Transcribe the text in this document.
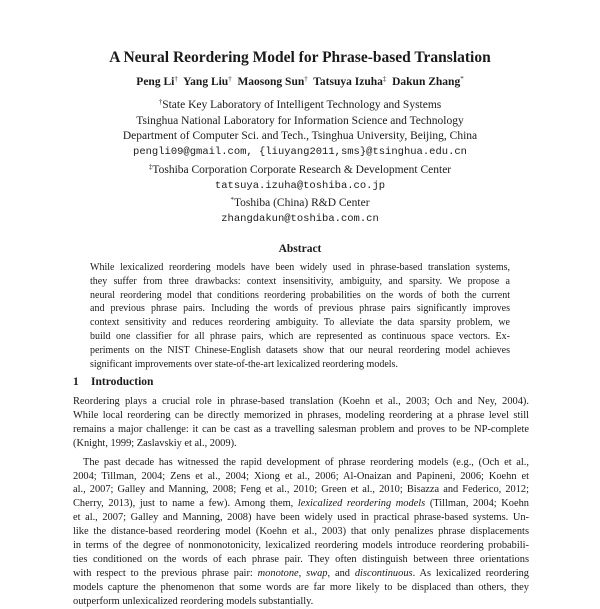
A Neural Reordering Model for Phrase-based Translation
Peng Li† Yang Liu† Maosong Sun† Tatsuya Izuha‡ Dakun Zhang*
†State Key Laboratory of Intelligent Technology and Systems
Tsinghua National Laboratory for Information Science and Technology
Department of Computer Sci. and Tech., Tsinghua University, Beijing, China
pengli09@gmail.com, {liuyang2011,sms}@tsinghua.edu.cn
‡Toshiba Corporation Corporate Research & Development Center
tatsuya.izuha@toshiba.co.jp
*Toshiba (China) R&D Center
zhangdakun@toshiba.com.cn
Abstract
While lexicalized reordering models have been widely used in phrase-based translation systems,
they suffer from three drawbacks: context insensitivity, ambiguity, and sparsity. We propose a
neural reordering model that conditions reordering probabilities on the words of both the current
and previous phrase pairs. Including the words of previous phrase pairs significantly improves
context sensitivity and reduces reordering ambiguity. To alleviate the data sparsity problem, we
build one classifier for all phrase pairs, which are represented as continuous space vectors. Ex-
periments on the NIST Chinese-English datasets show that our neural reordering model achieves
significant improvements over state-of-the-art lexicalized reordering models.
1 Introduction
Reordering plays a crucial role in phrase-based translation (Koehn et al., 2003; Och and Ney, 2004).
While local reordering can be directly memorized in phrases, modeling reordering at a phrase level still
remains a major challenge: it can be cast as a travelling salesman problem and proves to be NP-complete
(Knight, 1999; Zaslavskiy et al., 2009).
The past decade has witnessed the rapid development of phrase reordering models (e.g., (Och et al.,
2004; Tillman, 2004; Zens et al., 2004; Xiong et al., 2006; Al-Onaizan and Papineni, 2006; Koehn et
al., 2007; Galley and Manning, 2008; Feng et al., 2010; Green et al., 2010; Bisazza and Federico, 2012;
Cherry, 2013), just to name a few). Among them, lexicalized reordering models (Tillman, 2004; Koehn
et al., 2007; Galley and Manning, 2008) have been widely used in practical phrase-based systems. Un-
like the distance-based reordering model (Koehn et al., 2003) that only penalizes phrase displacements
in terms of the degree of nonmonotonicity, lexicalized reordering models introduce reordering probabili-
ties conditioned on the words of each phrase pair. They often distinguish between three orientations
with respect to the previous phrase pair: monotone, swap, and discontinuous. As lexicalized reordering
models capture the phenomenon that some words are far more likely to be displaced than others, they
outperform unlexicalized reordering models substantially.
